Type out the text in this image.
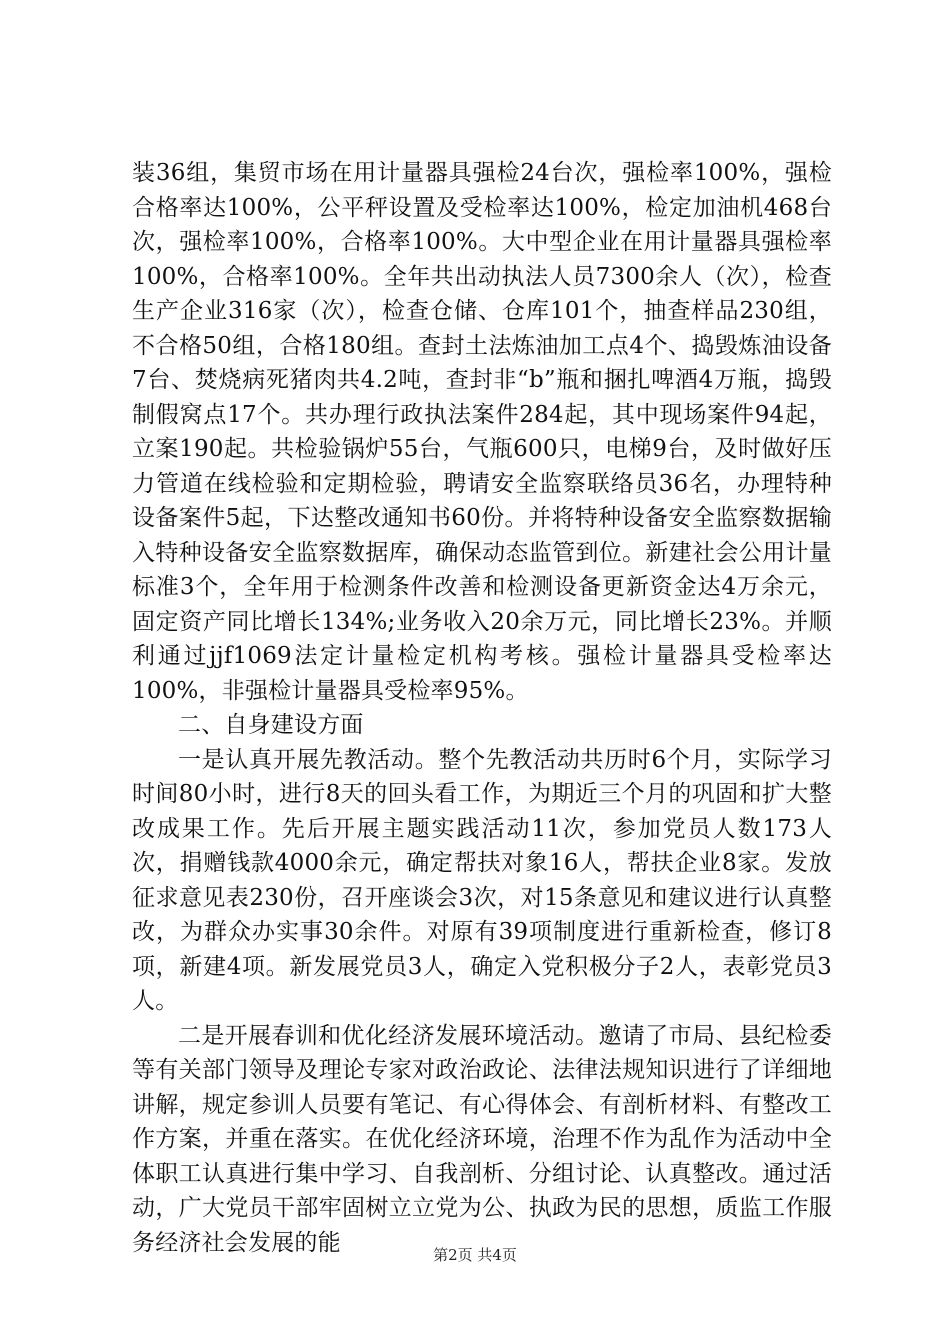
装36组，集贸市场在用计量器具强检24台次，强检率100%，强检合格率达100%，公平秤设置及受检率达100%，检定加油机468台次，强检率100%，合格率100%。大中型企业在用计量器具强检率100%，合格率100%。全年共出动执法人员7300余人（次），检查生产企业316家（次），检查仓储、仓库101个，抽查样品230组，不合格50组，合格180组。查封土法炼油加工点4个、捣毁炼油设备7台、焚烧病死猪肉共4.2吨，查封非“b”瓶和捆扎啤酒4万瓶，捣毁制假窝点17个。共办理行政执法案件284起，其中现场案件94起，立案190起。共检验锅炉55台，气瓶600只，电梯9台，及时做好压力管道在线检验和定期检验，聘请安全监察联络员36名，办理特种设备案件5起，下达整改通知书60份。并将特种设备安全监察数据输入特种设备安全监察数据库，确保动态监管到位。新建社会公用计量标准3个，全年用于检测条件改善和检测设备更新资金达4万余元，固定资产同比增长134%;业务收入20余万元，同比增长23%。并顺利通过jjf1069法定计量检定机构考核。强检计量器具受检率达100%，非强检计量器具受检率95%。

二、自身建设方面

一是认真开展先教活动。整个先教活动共历时6个月，实际学习时间80小时，进行8天的回头看工作，为期近三个月的巩固和扩大整改成果工作。先后开展主题实践活动11次，参加党员人数173人次，捐赠钱款4000余元，确定帮扶对象16人，帮扶企业8家。发放征求意见表230份，召开座谈会3次，对15条意见和建议进行认真整改，为群众办实事30余件。对原有39项制度进行重新检查，修订8项，新建4项。新发展党员3人，确定入党积极分子2人，表彰党员3人。

二是开展春训和优化经济发展环境活动。邀请了市局、县纪检委等有关部门领导及理论专家对政治政论、法律法规知识进行了详细地讲解，规定参训人员要有笔记、有心得体会、有剖析材料、有整改工作方案，并重在落实。在优化经济环境，治理不作为乱作为活动中全体职工认真进行集中学习、自我剖析、分组讨论、认真整改。通过活动，广大党员干部牢固树立立党为公、执政为民的思想，质监工作服务经济社会发展的能	第2页 共4页
